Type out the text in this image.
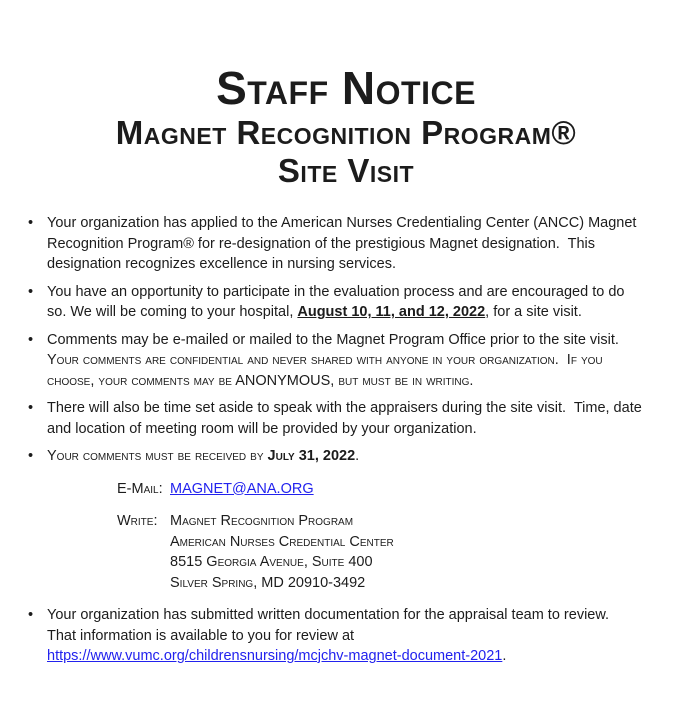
Staff Notice
Magnet Recognition Program®
Site Visit

• Your organization has applied to the American Nurses Credentialing Center (ANCC) Magnet Recognition Program® for re-designation of the prestigious Magnet designation.  This designation recognizes excellence in nursing services.

• You have an opportunity to participate in the evaluation process and are encouraged to do so. We will be coming to your hospital, August 10, 11, and 12, 2022, for a site visit.

• Comments may be e-mailed or mailed to the Magnet Program Office prior to the site visit. Your comments are confidential and never shared with anyone in your organization.  If you choose, your comments may be ANONYMOUS, but must be in writing.

• There will also be time set aside to speak with the appraisers during the site visit.  Time, date and location of meeting room will be provided by your organization.

• Your comments must be received by July 31, 2022.

E-Mail: MAGNET@ANA.ORG
Write: Magnet Recognition Program
American Nurses Credential Center
8515 Georgia Avenue, Suite 400
Silver Spring, MD 20910-3492

• Your organization has submitted written documentation for the appraisal team to review.  That information is available to you for review at https://www.vumc.org/childrensnursing/mcjchv-magnet-document-2021.
